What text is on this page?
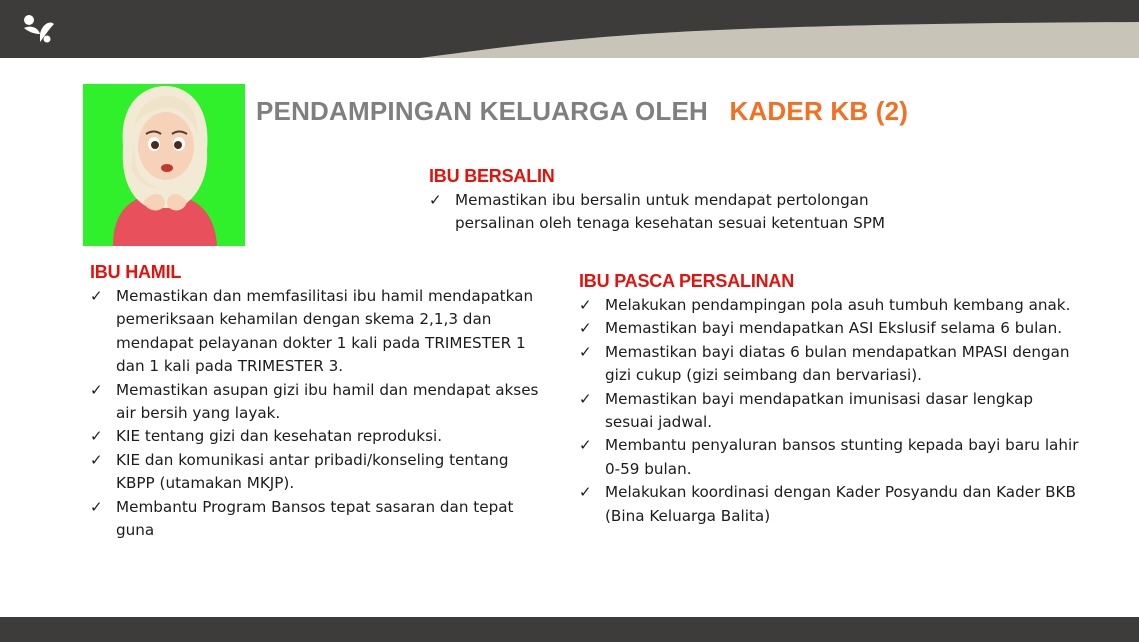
PENDAMPINGAN KELUARGA OLEH KADER KB (2)
IBU BERSALIN
✓ Memastikan ibu bersalin untuk mendapat pertolongan persalinan oleh tenaga kesehatan sesuai ketentuan SPM
IBU HAMIL
✓ Memastikan dan memfasilitasi ibu hamil mendapatkan pemeriksaan kehamilan dengan skema 2,1,3 dan mendapat pelayanan dokter 1 kali pada TRIMESTER 1 dan 1 kali pada TRIMESTER 3.
✓ Memastikan asupan gizi ibu hamil dan mendapat akses air bersih yang layak.
✓ KIE tentang gizi dan kesehatan reproduksi.
✓ KIE dan komunikasi antar pribadi/konseling tentang KBPP (utamakan MKJP).
✓ Membantu Program Bansos tepat sasaran dan tepat guna
IBU PASCA PERSALINAN
✓ Melakukan pendampingan pola asuh tumbuh kembang anak.
✓ Memastikan bayi mendapatkan ASI Ekslusif selama 6 bulan.
✓ Memastikan bayi diatas 6 bulan mendapatkan MPASI dengan gizi cukup (gizi seimbang dan bervariasi).
✓ Memastikan bayi mendapatkan imunisasi dasar lengkap sesuai jadwal.
✓ Membantu penyaluran bansos stunting kepada bayi baru lahir 0-59 bulan.
✓ Melakukan koordinasi dengan Kader Posyandu dan Kader BKB (Bina Keluarga Balita)
